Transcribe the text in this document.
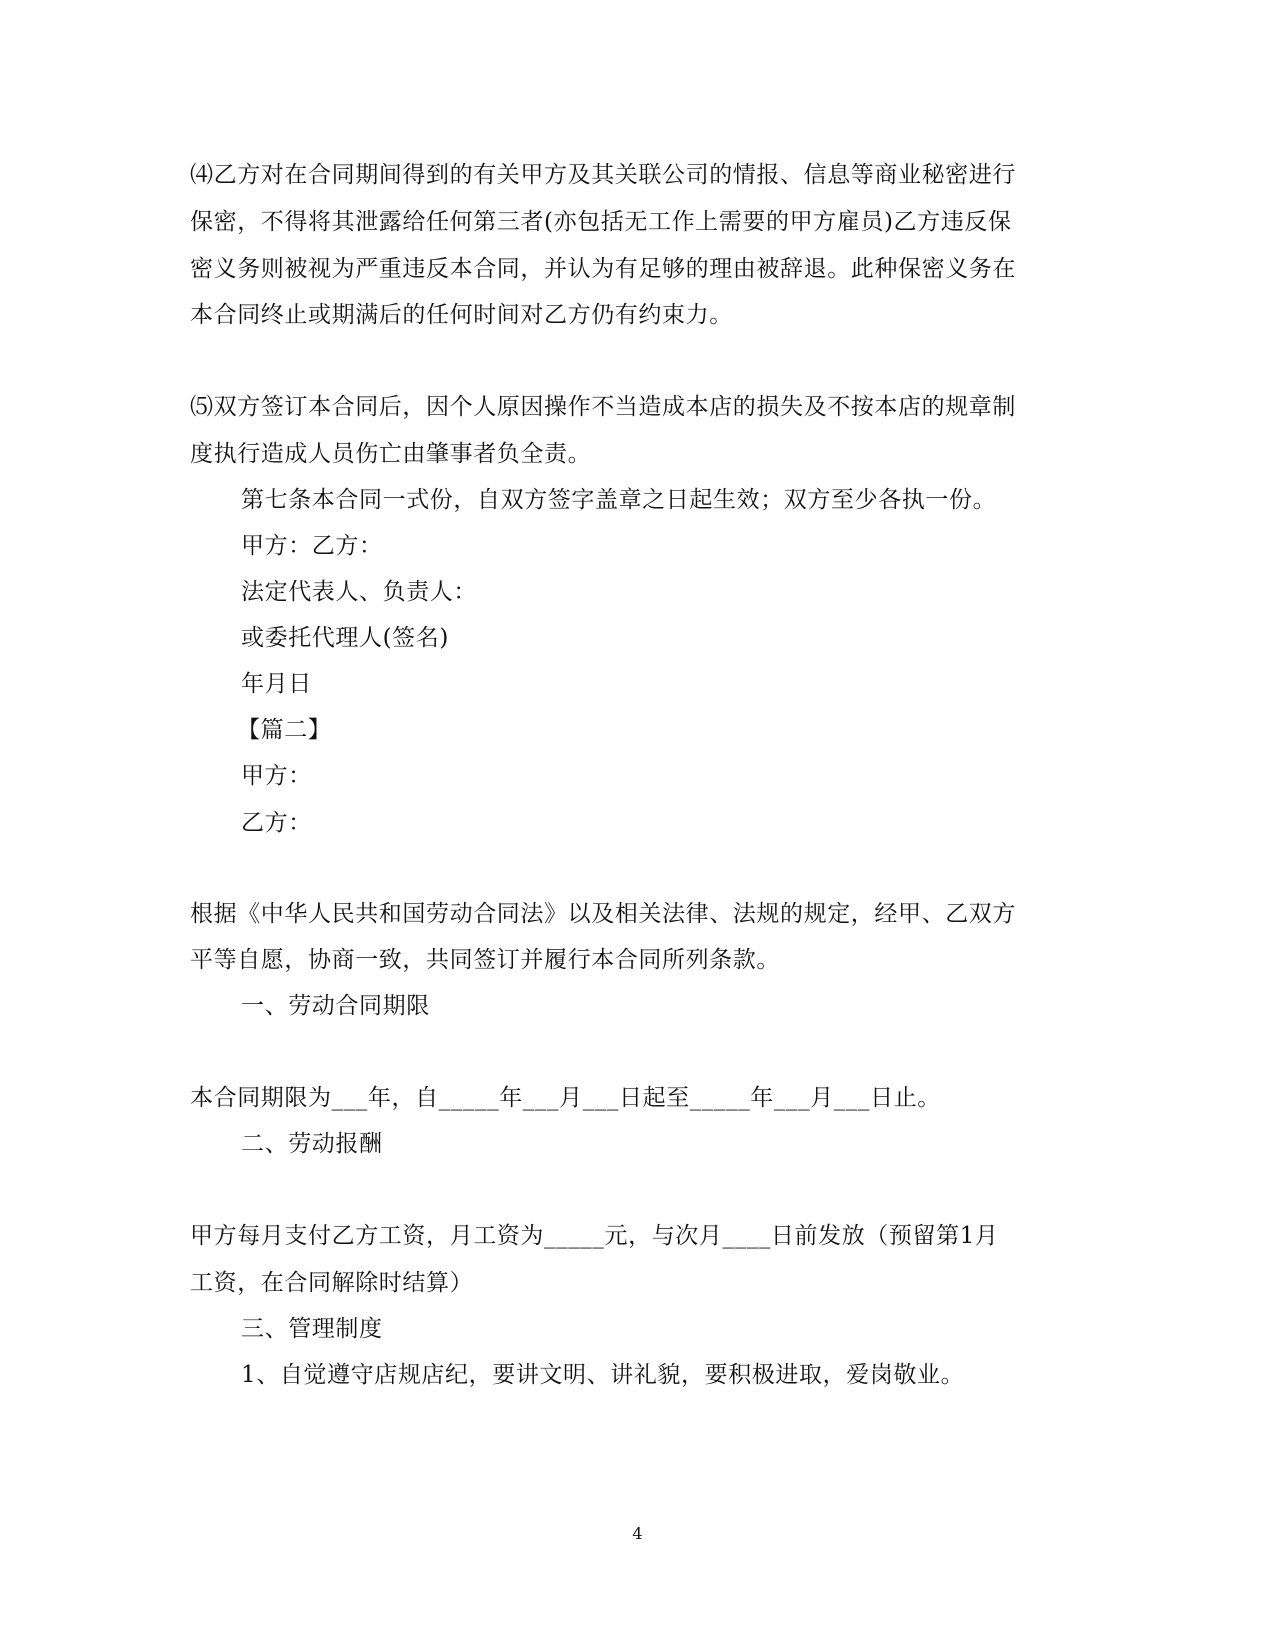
⑷乙方对在合同期间得到的有关甲方及其关联公司的情报、信息等商业秘密进行
保密，不得将其泄露给任何第三者(亦包括无工作上需要的甲方雇员)乙方违反保
密义务则被视为严重违反本合同，并认为有足够的理由被辞退。此种保密义务在
本合同终止或期满后的任何时间对乙方仍有约束力。
⑸双方签订本合同后，因个人原因操作不当造成本店的损失及不按本店的规章制
度执行造成人员伤亡由肇事者负全责。
第七条本合同一式份，自双方签字盖章之日起生效；双方至少各执一份。
甲方：乙方：
法定代表人、负责人：
或委托代理人(签名)
年月日
【篇二】
甲方：
乙方：
根据《中华人民共和国劳动合同法》以及相关法律、法规的规定，经甲、乙双方
平等自愿，协商一致，共同签订并履行本合同所列条款。
一、劳动合同期限
本合同期限为___年，自_____年___月___日起至_____年___月___日止。
二、劳动报酬
甲方每月支付乙方工资，月工资为_____元，与次月____日前发放（预留第1月
工资，在合同解除时结算）
三、管理制度
1、自觉遵守店规店纪，要讲文明、讲礼貌，要积极进取，爱岗敬业。
4
